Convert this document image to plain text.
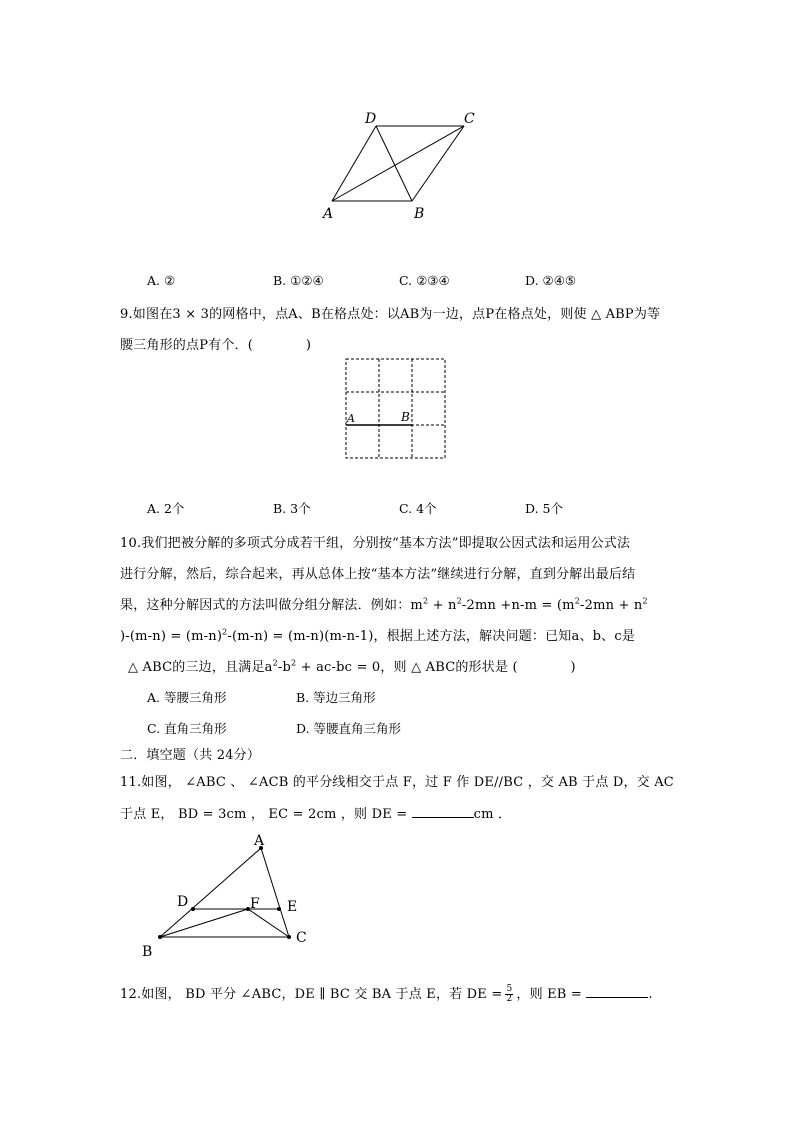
D	C
A	B
A. ②	B. ①②④	C. ②③④	D. ②④⑤
9.如图在3 × 3的网格中，点A、B在格点处：以AB为一边，点P在格点处，则使 △ ABP为等
腰三角形的点P有个．(　　　　)
A	B
A. 2个	B. 3个	C. 4个	D. 5个
10.我们把被分解的多项式分成若干组，分别按“基本方法”即提取公因式法和运用公式法
进行分解，然后，综合起来，再从总体上按“基本方法”继续进行分解，直到分解出最后结
果，这种分解因式的方法叫做分组分解法．例如：$m^2 + n^2-2mn +n-m = (m^2-2mn + n^2$
)$-(m-n) = (m-n)^2-(m-n) = (m-n)(m-n-1)$，根据上述方法，解决问题：已知a、b、c是
△ ABC的三边，且满足$a^2-b^2 + ac-bc = 0$，则 △ ABC的形状是 (　　　　)
A. 等腰三角形	B. 等边三角形
C. 直角三角形	D. 等腰直角三角形
二．填空题（共 24分）
11.如图， ∠ABC 、 ∠ACB 的平分线相交于点 F，过 F 作 DE//BC ，交 AB 于点 D，交 AC
于点 E， BD = 3cm ， EC = 2cm ，则 DE =	cm ．
A
D	F E
B
C
12.如图， BD 平分 ∠ABC，DE ∥ BC 交 BA 于点 E，若 DE = $\frac{5}{2}$ ，则 EB =	.
